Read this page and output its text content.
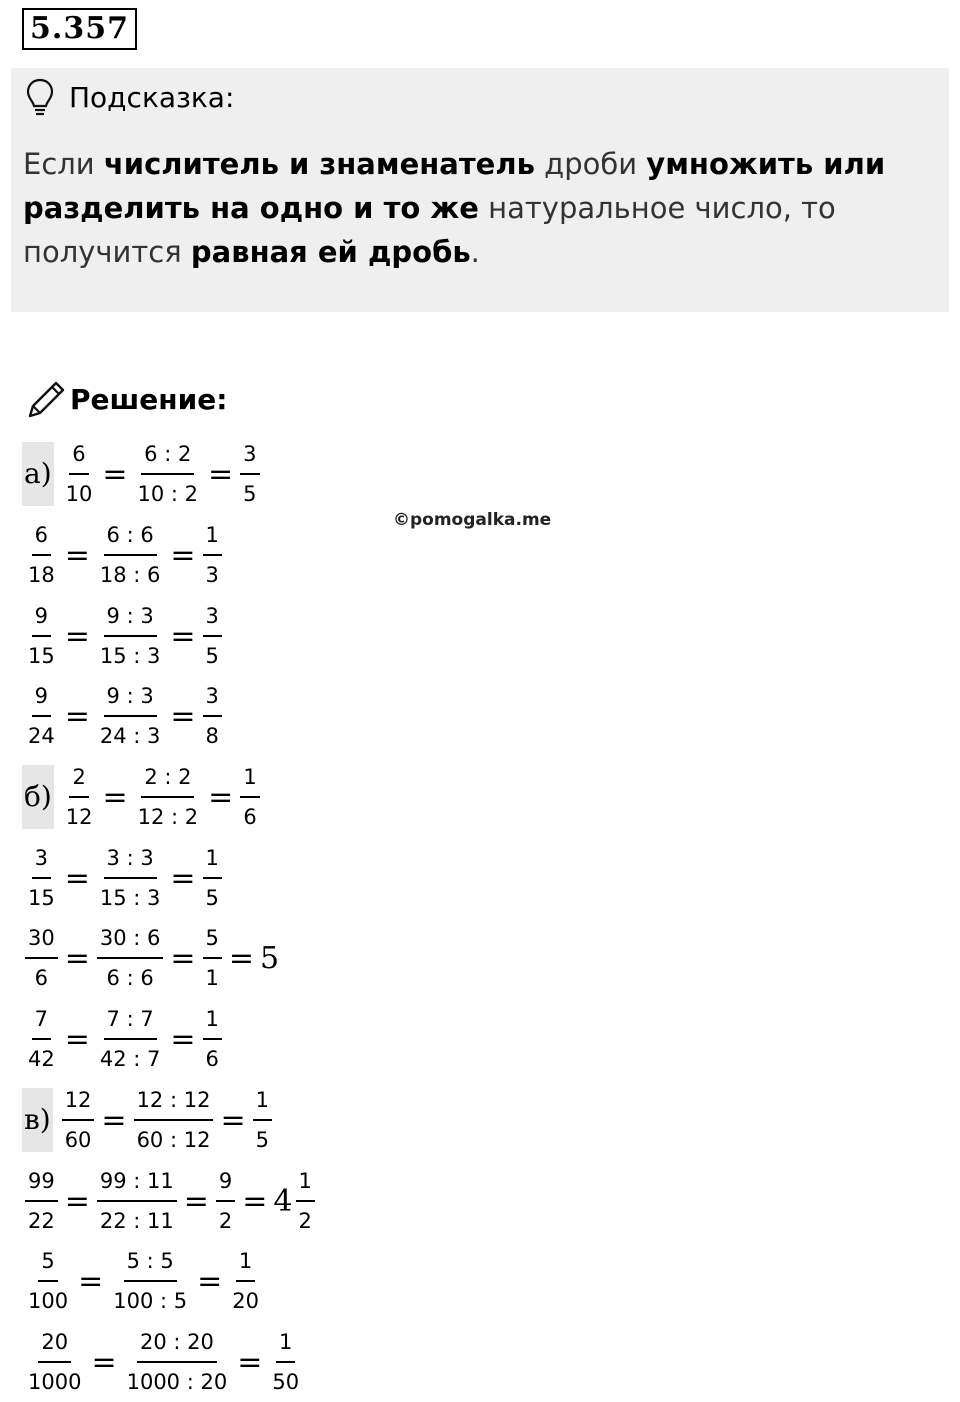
5.357
Подсказка:
Если числитель и знаменатель дроби умножить или разделить на одно и то же натуральное число, то получится равная ей дробь.
Решение:
©pomogalka.me
$а) \frac{6}{10} = \frac{6 : 2}{10 : 2} = \frac{3}{5}$
$\frac{6}{18} = \frac{6 : 6}{18 : 6} = \frac{1}{3}$
$\frac{9}{15} = \frac{9 : 3}{15 : 3} = \frac{3}{5}$
$\frac{9}{24} = \frac{9 : 3}{24 : 3} = \frac{3}{8}$
$б) \frac{2}{12} = \frac{2 : 2}{12 : 2} = \frac{1}{6}$
$\frac{3}{15} = \frac{3 : 3}{15 : 3} = \frac{1}{5}$
$\frac{30}{6} = \frac{30 : 6}{6 : 6} = \frac{5}{1} = 5$
$\frac{7}{42} = \frac{7 : 7}{42 : 7} = \frac{1}{6}$
$в) \frac{12}{60} = \frac{12 : 12}{60 : 12} = \frac{1}{5}$
$\frac{99}{22} = \frac{99 : 11}{22 : 11} = \frac{9}{2} = 4 \frac{1}{2}$
$\frac{5}{100} = \frac{5 : 5}{100 : 5} = \frac{1}{20}$
$\frac{20}{1000} = \frac{20 : 20}{1000 : 20} = \frac{1}{50}$
